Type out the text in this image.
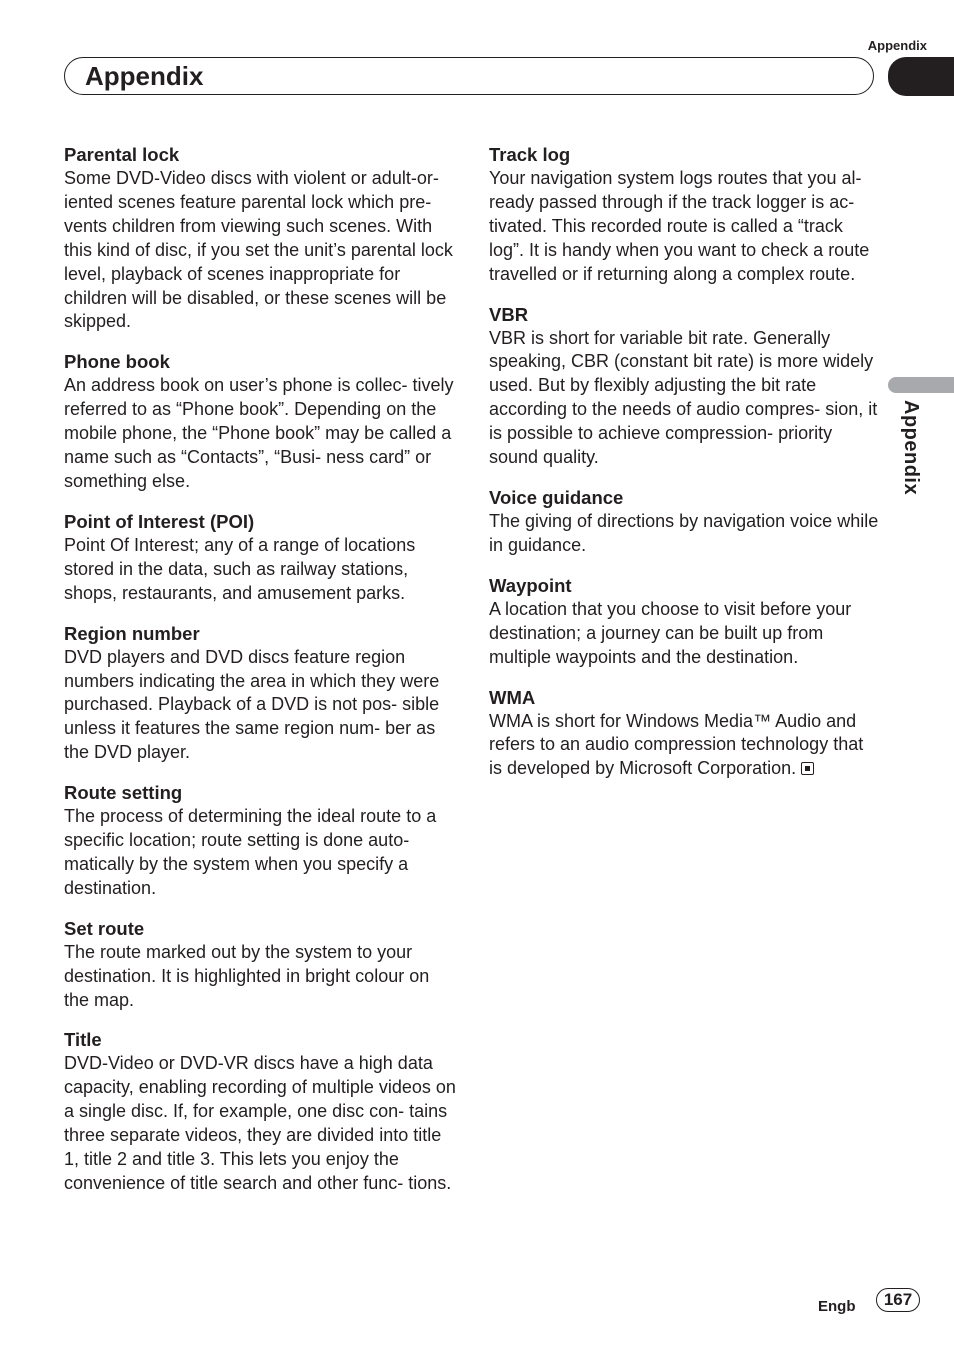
Appendix
Appendix
Appendix
Parental lock
Some DVD-Video discs with violent or adult-or- iented scenes feature parental lock which pre- vents children from viewing such scenes. With this kind of disc, if you set the unit’s parental lock level, playback of scenes inappropriate for children will be disabled, or these scenes will be skipped.
Phone book
An address book on user’s phone is collec- tively referred to as “Phone book”. Depending on the mobile phone, the “Phone book” may be called a name such as “Contacts”, “Busi- ness card” or something else.
Point of Interest (POI)
Point Of Interest; any of a range of locations stored in the data, such as railway stations, shops, restaurants, and amusement parks.
Region number
DVD players and DVD discs feature region numbers indicating the area in which they were purchased. Playback of a DVD is not pos- sible unless it features the same region num- ber as the DVD player.
Route setting
The process of determining the ideal route to a specific location; route setting is done auto- matically by the system when you specify a destination.
Set route
The route marked out by the system to your destination. It is highlighted in bright colour on the map.
Title
DVD-Video or DVD-VR discs have a high data capacity, enabling recording of multiple videos on a single disc. If, for example, one disc con- tains three separate videos, they are divided into title 1, title 2 and title 3. This lets you enjoy the convenience of title search and other func- tions.
Track log
Your navigation system logs routes that you al- ready passed through if the track logger is ac- tivated. This recorded route is called a “track log”. It is handy when you want to check a route travelled or if returning along a complex route.
VBR
VBR is short for variable bit rate. Generally speaking, CBR (constant bit rate) is more widely used. But by flexibly adjusting the bit rate according to the needs of audio compres- sion, it is possible to achieve compression- priority sound quality.
Voice guidance
The giving of directions by navigation voice while in guidance.
Waypoint
A location that you choose to visit before your destination; a journey can be built up from multiple waypoints and the destination.
WMA
WMA is short for Windows Media™ Audio and refers to an audio compression technology that is developed by Microsoft Corporation.
Engb	167
